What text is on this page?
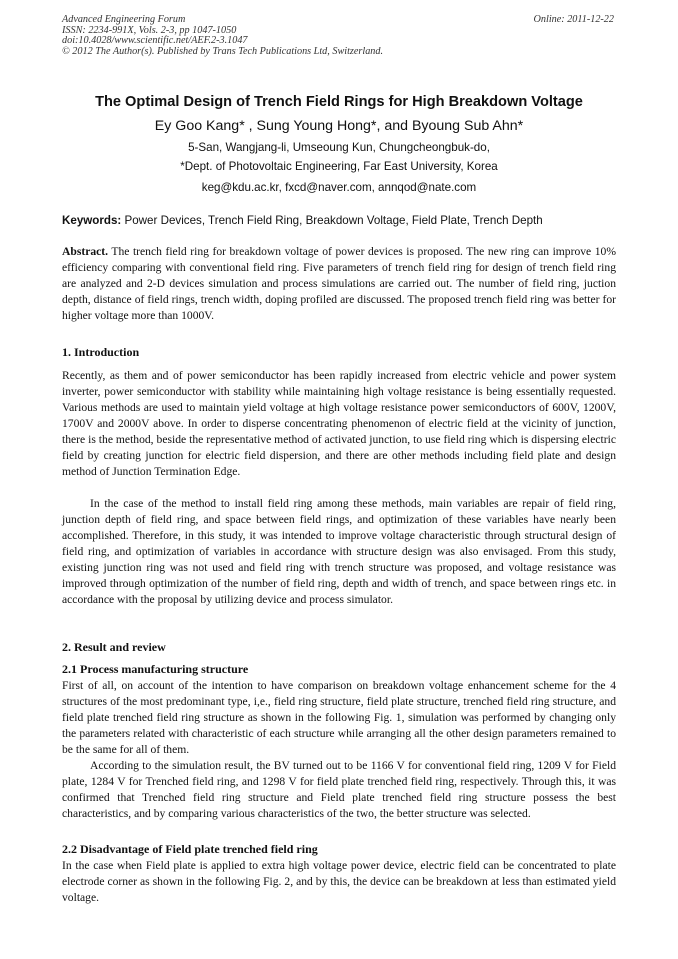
Advanced Engineering Forum
ISSN: 2234-991X, Vols. 2-3, pp 1047-1050
doi:10.4028/www.scientific.net/AEF.2-3.1047
© 2012 The Author(s). Published by Trans Tech Publications Ltd, Switzerland.
Online: 2011-12-22
The Optimal Design of Trench Field Rings for High Breakdown Voltage
Ey Goo Kang* , Sung Young Hong*, and Byoung Sub Ahn*
5-San, Wangjang-li, Umseoung Kun, Chungcheongbuk-do,
*Dept. of Photovoltaic Engineering, Far East University, Korea
keg@kdu.ac.kr, fxcd@naver.com, annqod@nate.com
Keywords: Power Devices, Trench Field Ring, Breakdown Voltage, Field Plate, Trench Depth

Abstract. The trench field ring for breakdown voltage of power devices is proposed. The new ring can improve 10% efficiency comparing with conventional field ring. Five parameters of trench field ring for design of trench field ring are analyzed and 2-D devices simulation and process simulations are carried out. The number of field ring, juction depth, distance of field rings, trench width, doping profiled are discussed. The proposed trench field ring was better for higher voltage more than 1000V.

1. Introduction

Recently, as them and of power semiconductor has been rapidly increased from electric vehicle and power system inverter, power semiconductor with stability while maintaining high voltage resistance is being essentially requested. Various methods are used to maintain yield voltage at high voltage resistance power semiconductors of 600V, 1200V, 1700V and 2000V above. In order to disperse concentrating phenomenon of electric field at the vicinity of junction, there is the method, beside the representative method of activated junction, to use field ring which is dispersing electric field by creating junction for electric field dispersion, and there are other methods including field plate and design method of Junction Termination Edge.

In the case of the method to install field ring among these methods, main variables are repair of field ring, junction depth of field ring, and space between field rings, and optimization of these variables have nearly been accomplished. Therefore, in this study, it was intended to improve voltage characteristic through structural design of field ring, and optimization of variables in accordance with structure design was also envisaged. From this study, existing junction ring was not used and field ring with trench structure was proposed, and voltage resistance was improved through optimization of the number of field ring, depth and width of trench, and space between rings etc. in accordance with the proposal by utilizing device and process simulator.

2. Result and review
2.1 Process manufacturing structure

First of all, on account of the intention to have comparison on breakdown voltage enhancement scheme for the 4 structures of the most predominant type, i,e., field ring structure, field plate structure, trenched field ring structure, and field plate trenched field ring structure as shown in the following Fig. 1, simulation was performed by changing only the parameters related with characteristic of each structure while arranging all the other design parameters remained to be the same for all of them.

According to the simulation result, the BV turned out to be 1166 V for conventional field ring, 1209 V for Field plate, 1284 V for Trenched field ring, and 1298 V for field plate trenched field ring, respectively. Through this, it was confirmed that Trenched field ring structure and Field plate trenched field ring structure possess the best characteristics, and by comparing various characteristics of the two, the better structure was selected.

2.2 Disadvantage of Field plate trenched field ring

In the case when Field plate is applied to extra high voltage power device, electric field can be concentrated to plate electrode corner as shown in the following Fig. 2, and by this, the device can be breakdown at less than estimated yield voltage.
